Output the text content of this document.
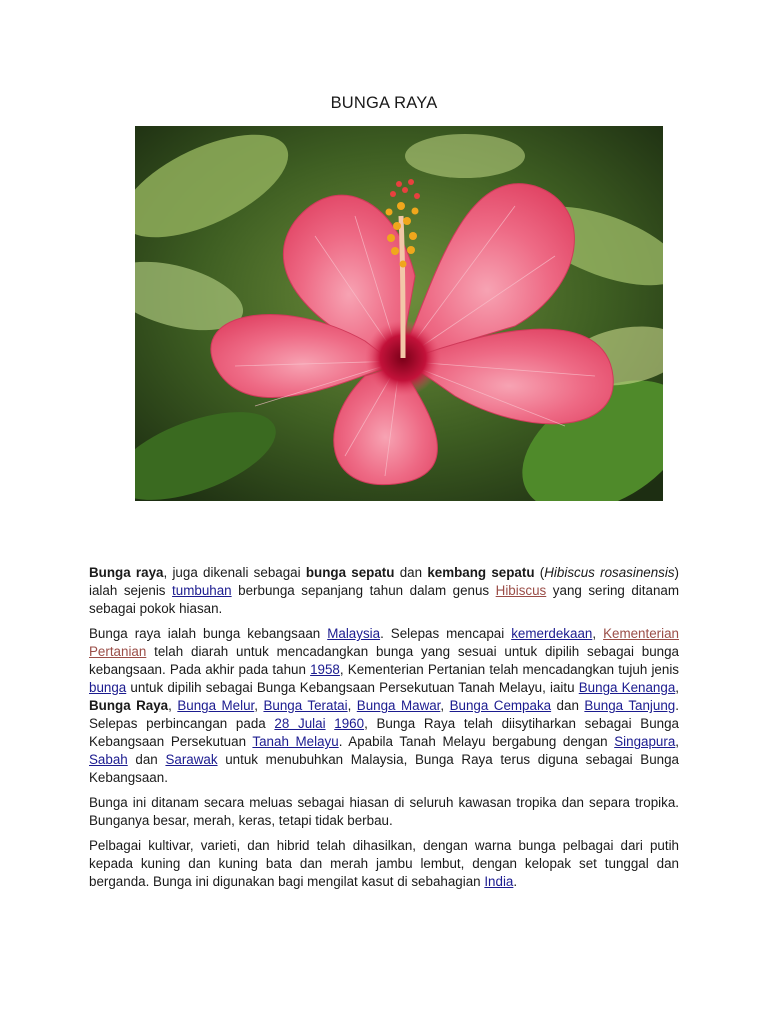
BUNGA RAYA

Bunga raya, juga dikenali sebagai bunga sepatu dan kembang sepatu (Hibiscus rosasinensis) ialah sejenis tumbuhan berbunga sepanjang tahun dalam genus Hibiscus yang sering ditanam sebagai pokok hiasan.

Bunga raya ialah bunga kebangsaan Malaysia. Selepas mencapai kemerdekaan, Kementerian Pertanian telah diarah untuk mencadangkan bunga yang sesuai untuk dipilih sebagai bunga kebangsaan. Pada akhir pada tahun 1958, Kementerian Pertanian telah mencadangkan tujuh jenis bunga untuk dipilih sebagai Bunga Kebangsaan Persekutuan Tanah Melayu, iaitu Bunga Kenanga, Bunga Raya, Bunga Melur, Bunga Teratai, Bunga Mawar, Bunga Cempaka dan Bunga Tanjung. Selepas perbincangan pada 28 Julai 1960, Bunga Raya telah diisytiharkan sebagai Bunga Kebangsaan Persekutuan Tanah Melayu. Apabila Tanah Melayu bergabung dengan Singapura, Sabah dan Sarawak untuk menubuhkan Malaysia, Bunga Raya terus diguna sebagai Bunga Kebangsaan.

Bunga ini ditanam secara meluas sebagai hiasan di seluruh kawasan tropika dan separa tropika. Bunganya besar, merah, keras, tetapi tidak berbau.

Pelbagai kultivar, varieti, dan hibrid telah dihasilkan, dengan warna bunga pelbagai dari putih kepada kuning dan kuning bata dan merah jambu lembut, dengan kelopak set tunggal dan berganda. Bunga ini digunakan bagi mengilat kasut di sebahagian India.
